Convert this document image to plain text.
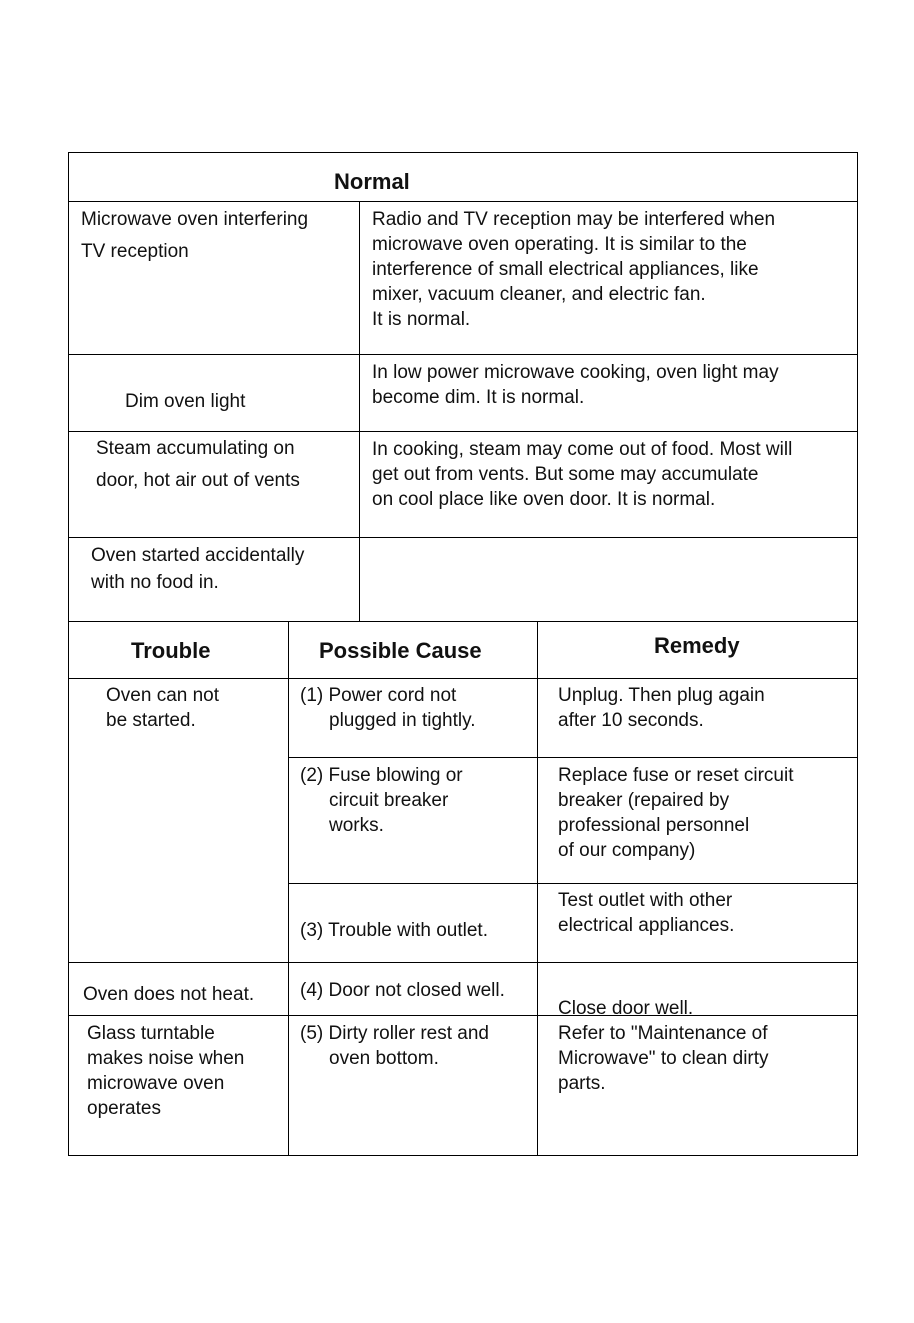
Normal
Microwave oven interfering
TV reception
Radio and TV reception may be interfered when
microwave oven operating. It is similar to the
interference of small electrical appliances, like
mixer, vacuum cleaner, and electric fan.
It is normal.
Dim oven light
In low power microwave cooking, oven light may
become dim. It is normal.
Steam accumulating on
door, hot air out of vents
In cooking, steam may come out of food. Most will
get out from vents. But some may accumulate
on cool place like oven door. It is normal.
Oven started accidentally
with no food in.
Trouble	Possible Cause	Remedy
Oven can not
be started.
(1) Power cord not
plugged in tightly.
Unplug. Then plug again
after 10 seconds.
(2) Fuse blowing or
circuit breaker
works.
Replace fuse or reset circuit
breaker (repaired by
professional personnel
of our company)
(3) Trouble with outlet.
Test outlet with other
electrical appliances.
Oven does not heat. (4) Door not closed well.
Close door well.
Glass turntable
makes noise when
microwave oven
operates
(5) Dirty roller rest and
oven bottom.
Refer to "Maintenance of
Microwave" to clean dirty
parts.
